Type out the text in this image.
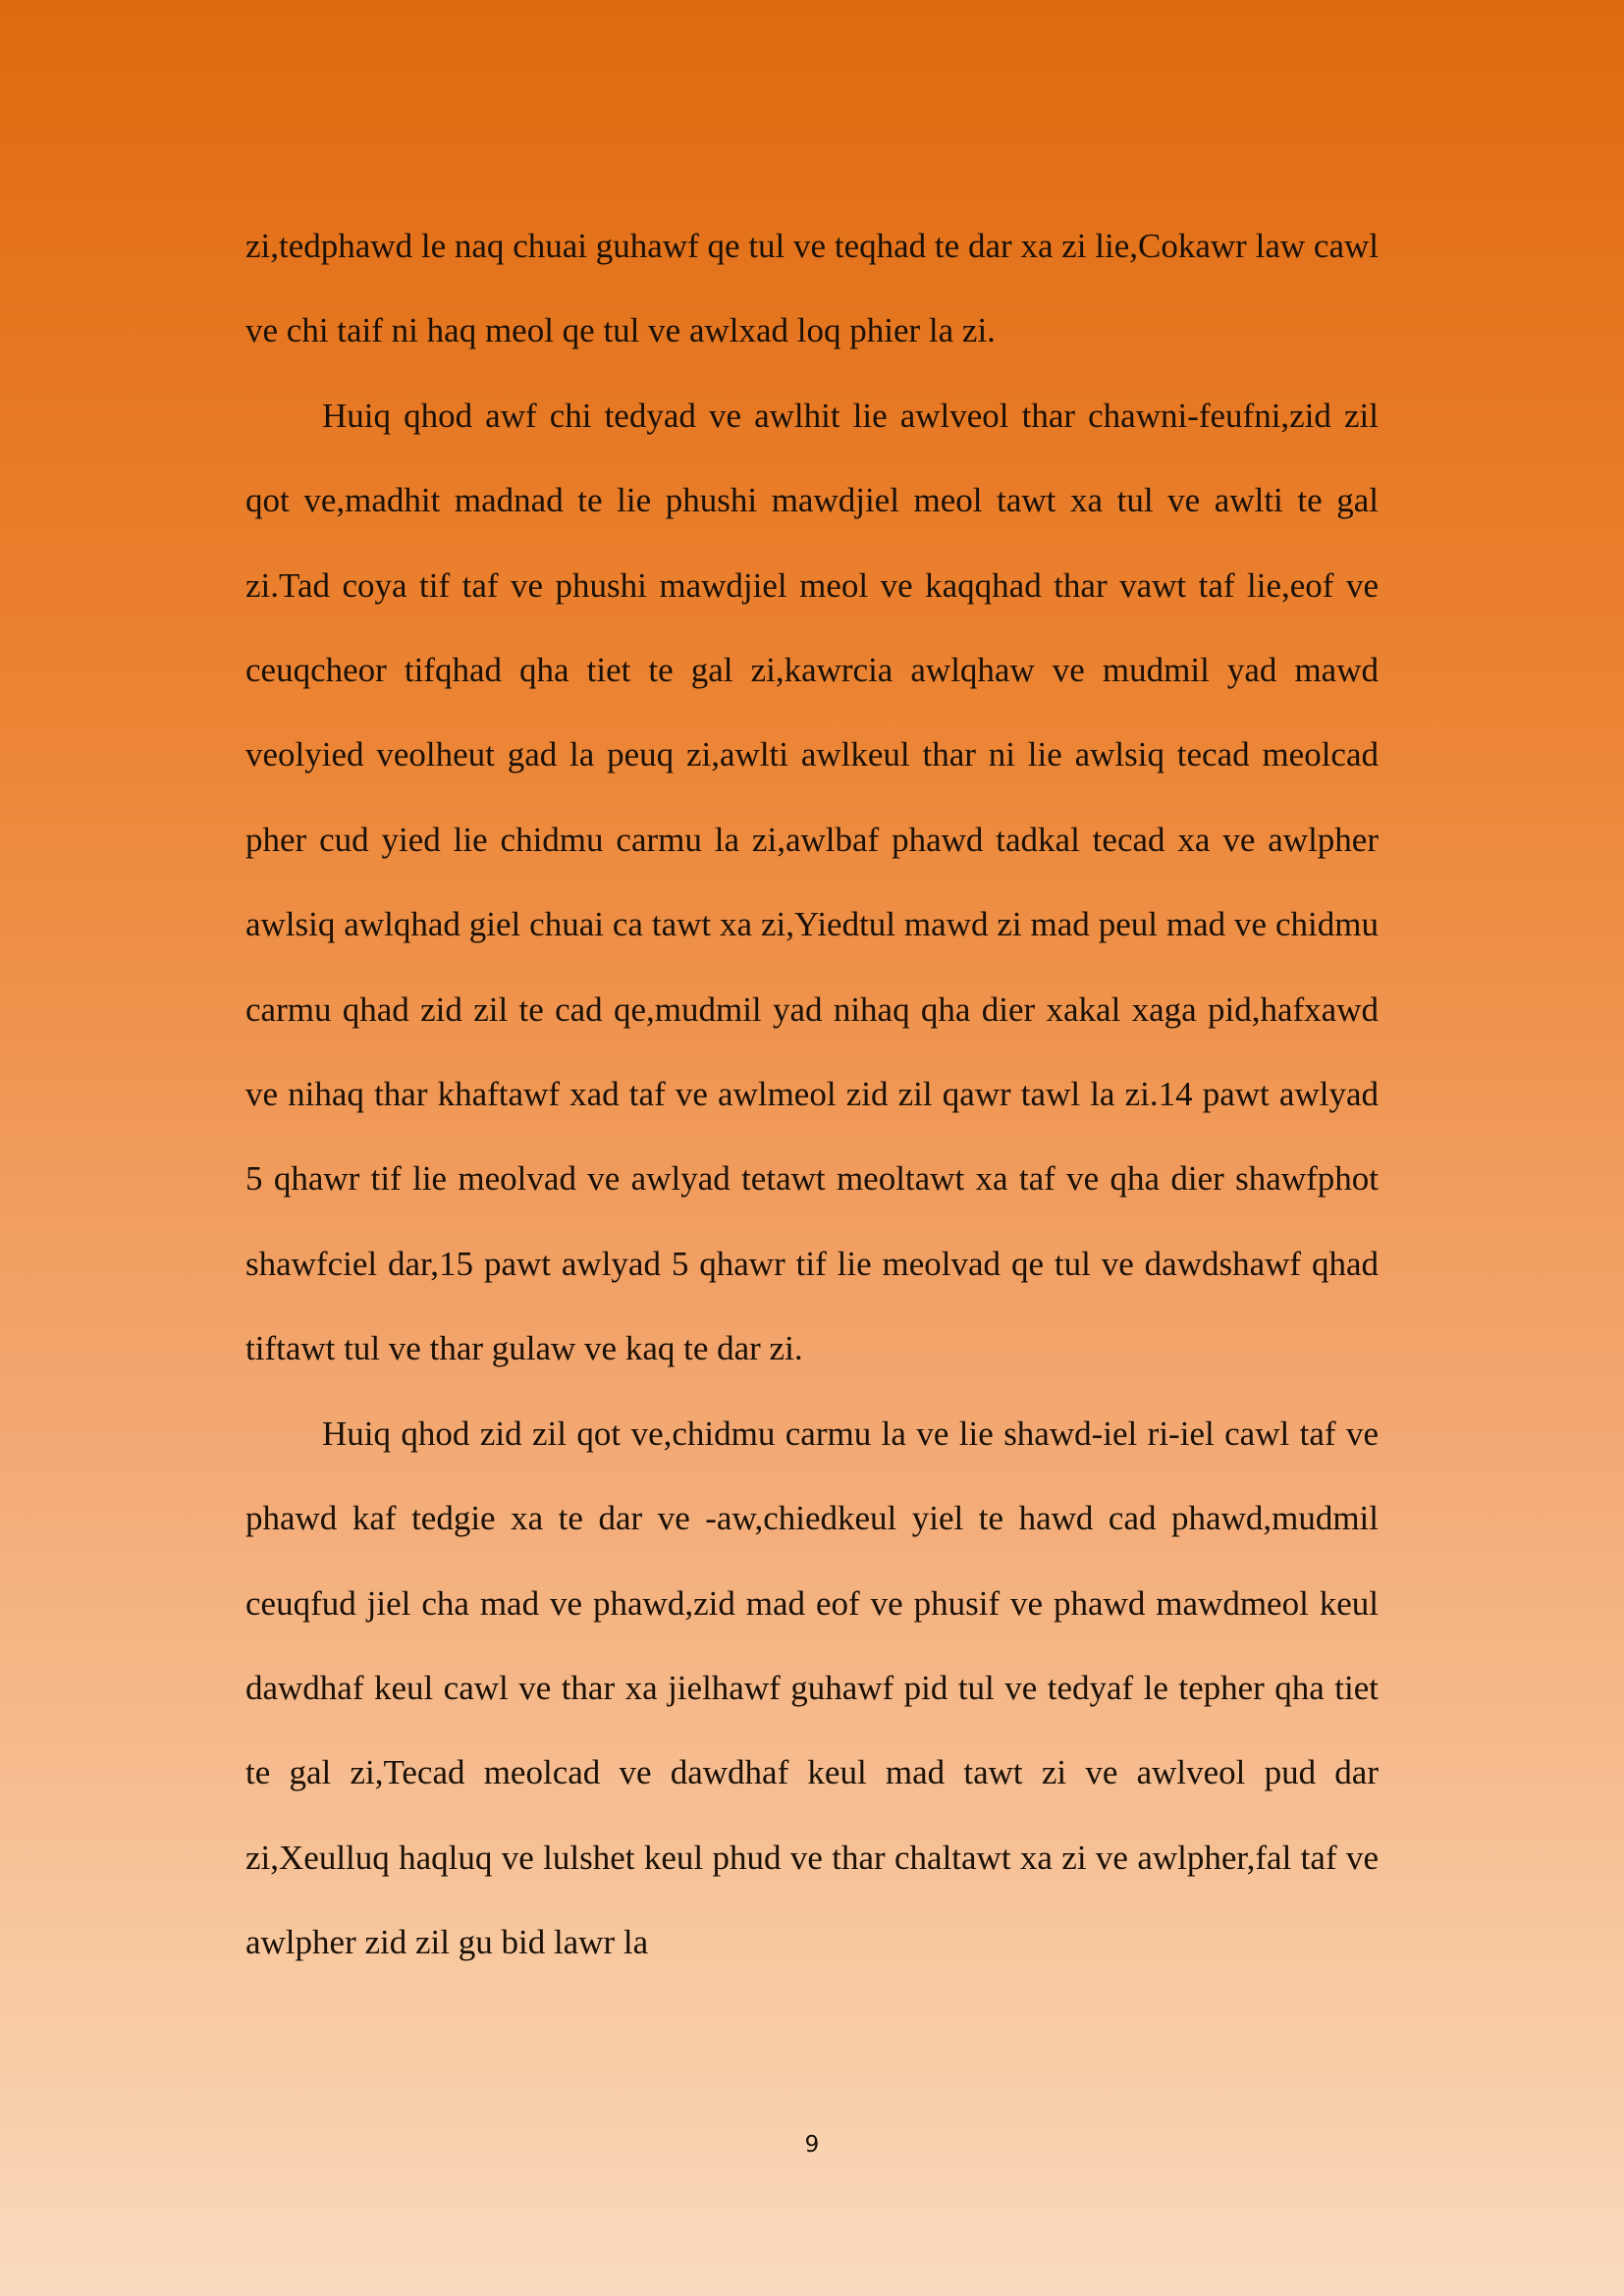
zi,tedphawd le naq chuai guhawf qe tul ve teqhad te dar xa zi lie,Cokawr law cawl ve chi taif ni haq meol qe tul ve awlxad loq phier la zi.

Huiq qhod awf chi tedyad ve awlhit lie awlveol thar chawni-feufni,zid zil qot ve,madhit madnad te lie phushi mawdjiel meol tawt xa tul ve awlti te gal zi.Tad coya tif taf ve phushi mawdjiel meol ve kaqqhad thar vawt taf lie,eof ve ceuqcheor tifqhad qha tiet te gal zi,kawrcia awlqhaw ve mudmil yad mawd veolyied veolheut gad la peuq zi,awlti awlkeul thar ni lie awlsiq tecad meolcad pher cud yied lie chidmu carmu la zi,awlbaf phawd tadkal tecad xa ve awlpher awlsiq awlqhad giel chuai ca tawt xa zi,Yiedtul mawd zi mad peul mad ve chidmu carmu qhad zid zil te cad qe,mudmil yad nihaq qha dier xakal xaga pid,hafxawd ve nihaq thar khaftawf xad taf ve awlmeol zid zil qawr tawl la zi.14 pawt awlyad 5 qhawr tif lie meolvad ve awlyad tetawt meoltawt xa taf ve qha dier shawfphot shawfciel dar,15 pawt awlyad 5 qhawr tif lie meolvad qe tul ve dawdshawf qhad tiftawt tul ve thar gulaw ve kaq te dar zi.

Huiq qhod zid zil qot ve,chidmu carmu la ve lie shawd-iel ri-iel cawl taf ve phawd kaf tedgie xa te dar ve -aw,chiedkeul yiel te hawd cad phawd,mudmil ceuqfud jiel cha mad ve phawd,zid mad eof ve phusif ve phawd mawdmeol keul dawdhaf keul cawl ve thar xa jielhawf guhawf pid tul ve tedyaf le tepher qha tiet te gal zi,Tecad meolcad ve dawdhaf keul mad tawt zi ve awlveol pud dar zi,Xeulluq haqluq ve lulshet keul phud ve thar chaltawt xa zi ve awlpher,fal taf ve awlpher zid zil gu bid lawr la

9
